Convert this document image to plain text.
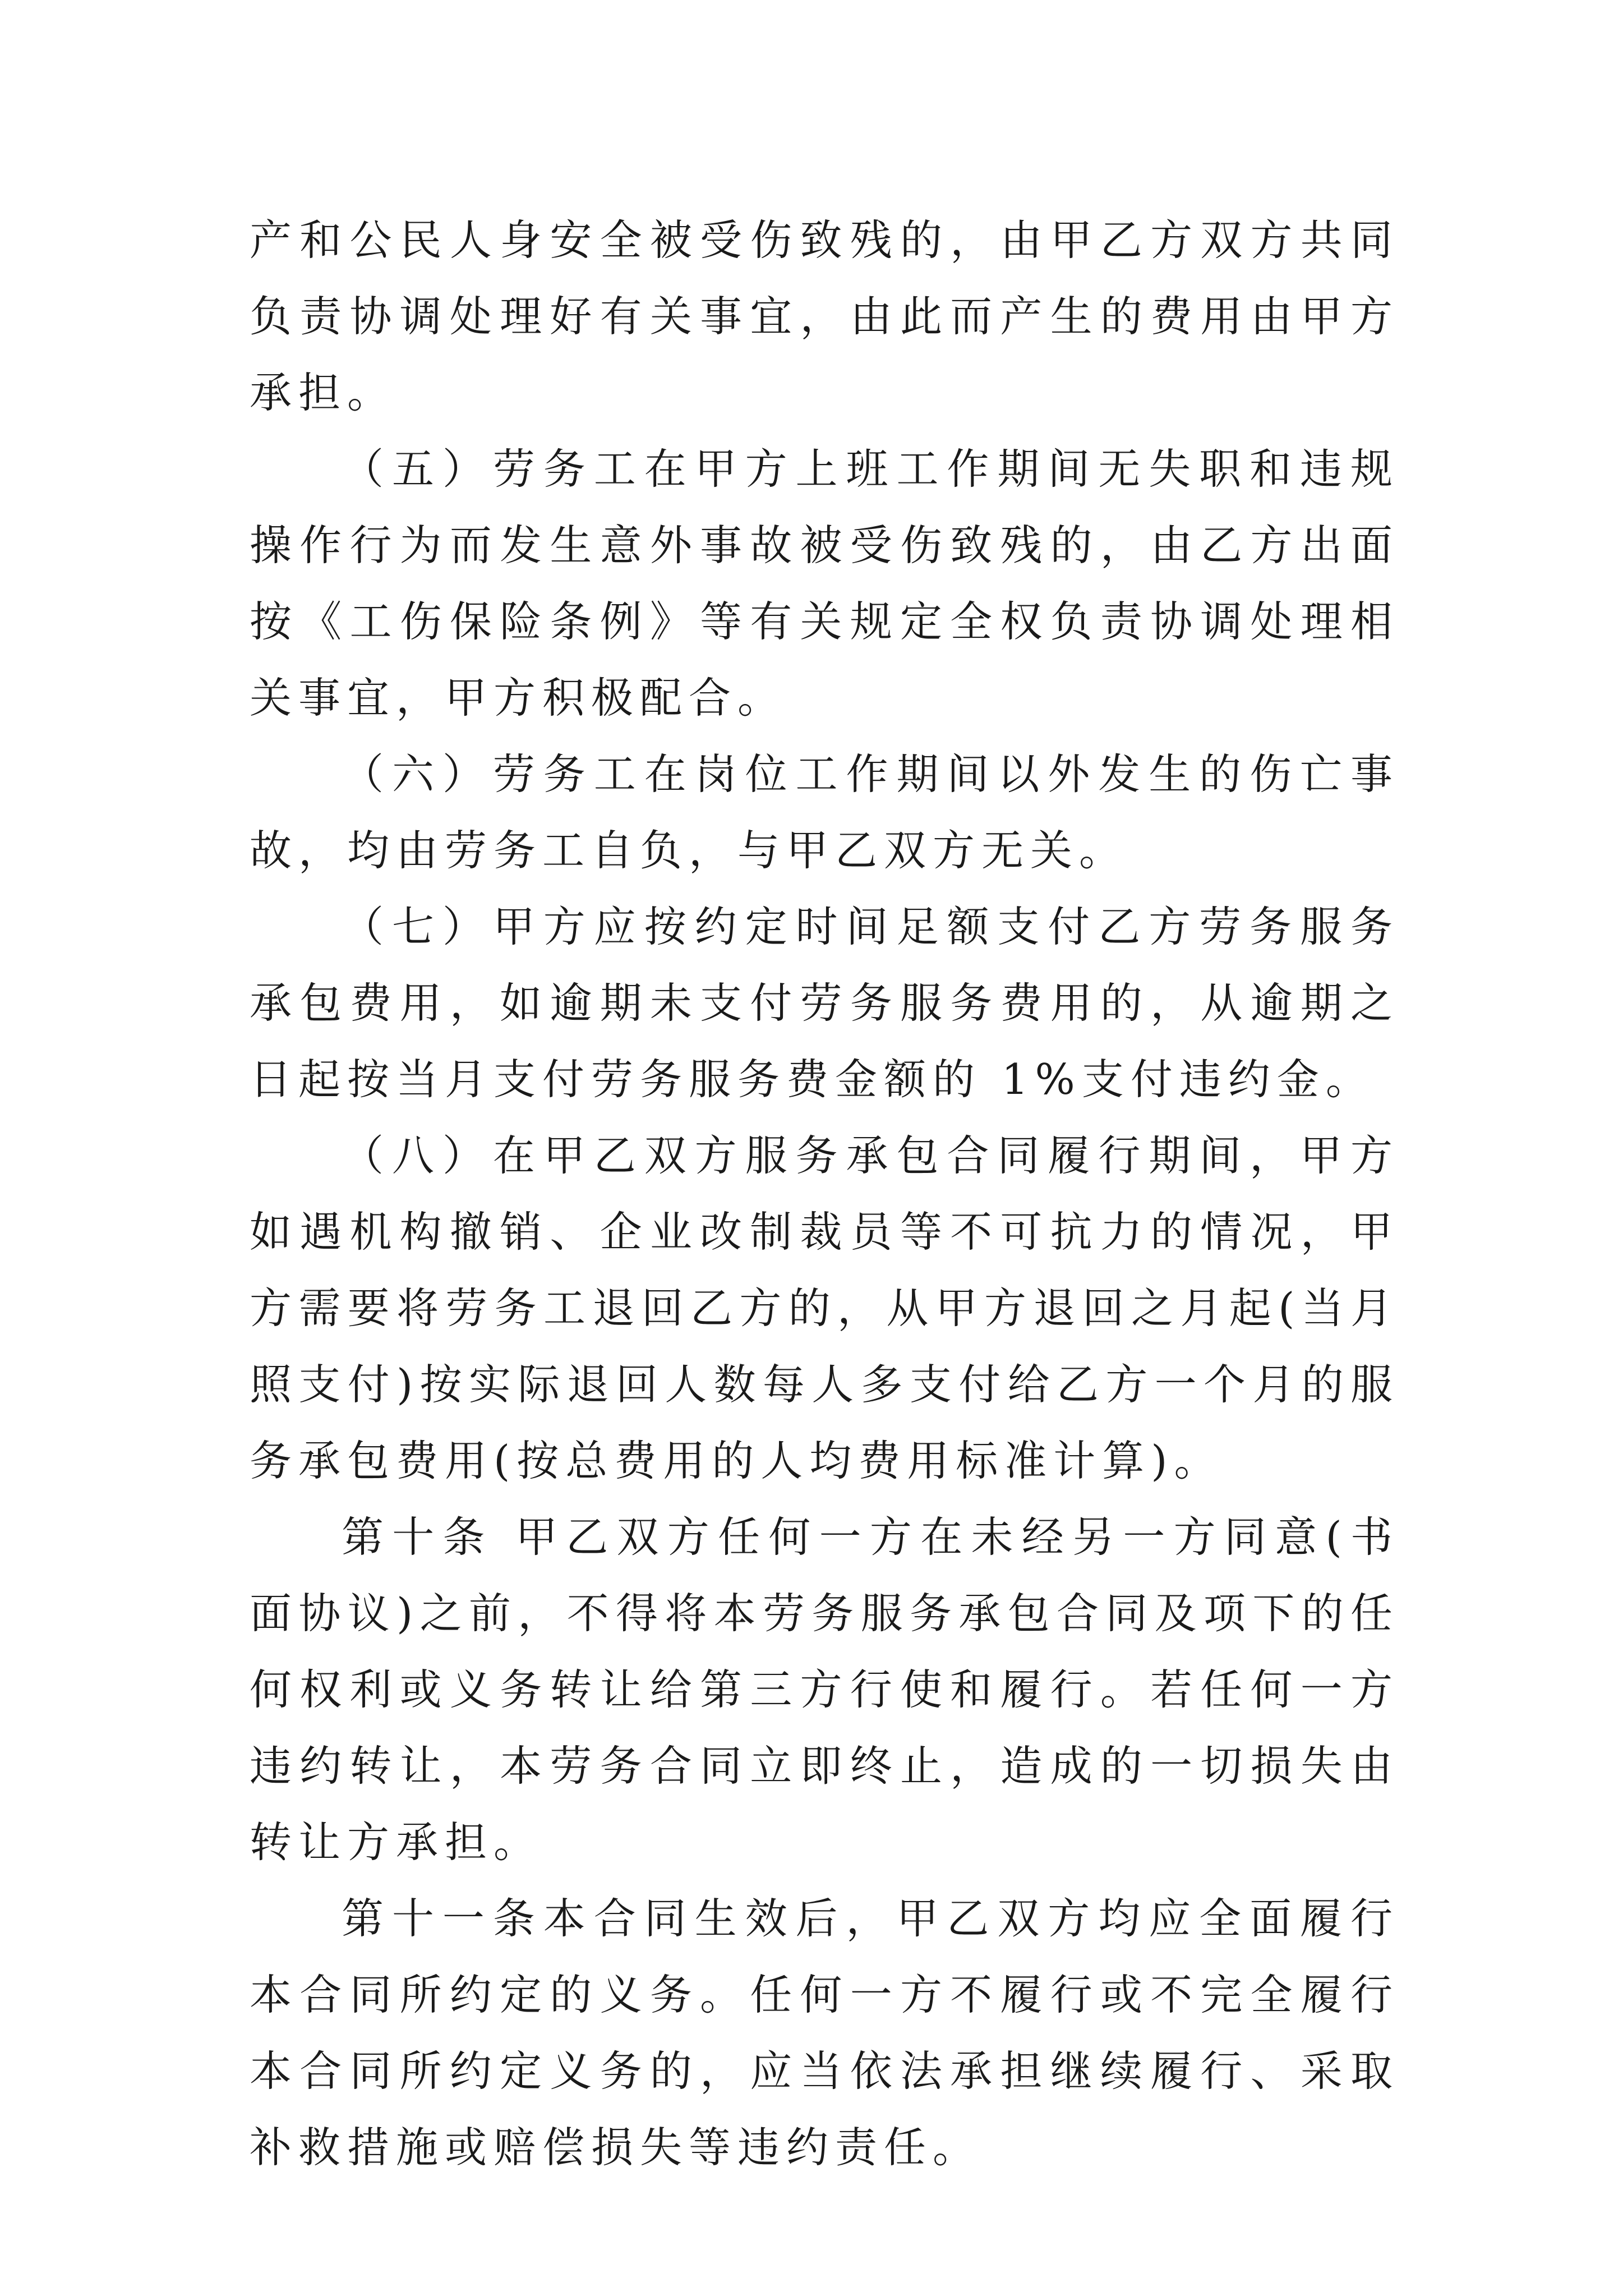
产和公民人身安全被受伤致残的，由甲乙方双方共同负责协调处理好有关事宜，由此而产生的费用由甲方承担。

（五）劳务工在甲方上班工作期间无失职和违规操作行为而发生意外事故被受伤致残的，由乙方出面按《工伤保险条例》等有关规定全权负责协调处理相关事宜，甲方积极配合。

（六）劳务工在岗位工作期间以外发生的伤亡事故，均由劳务工自负，与甲乙双方无关。

（七）甲方应按约定时间足额支付乙方劳务服务承包费用，如逾期未支付劳务服务费用的，从逾期之日起按当月支付劳务服务费金额的 1%支付违约金。

（八）在甲乙双方服务承包合同履行期间，甲方如遇机构撤销、企业改制裁员等不可抗力的情况，甲方需要将劳务工退回乙方的，从甲方退回之月起(当月照支付)按实际退回人数每人多支付给乙方一个月的服务承包费用(按总费用的人均费用标准计算)。

第十条 甲乙双方任何一方在未经另一方同意(书面协议)之前，不得将本劳务服务承包合同及项下的任何权利或义务转让给第三方行使和履行。若任何一方违约转让，本劳务合同立即终止，造成的一切损失由转让方承担。

第十一条本合同生效后，甲乙双方均应全面履行本合同所约定的义务。任何一方不履行或不完全履行本合同所约定义务的，应当依法承担继续履行、采取补救措施或赔偿损失等违约责任。
